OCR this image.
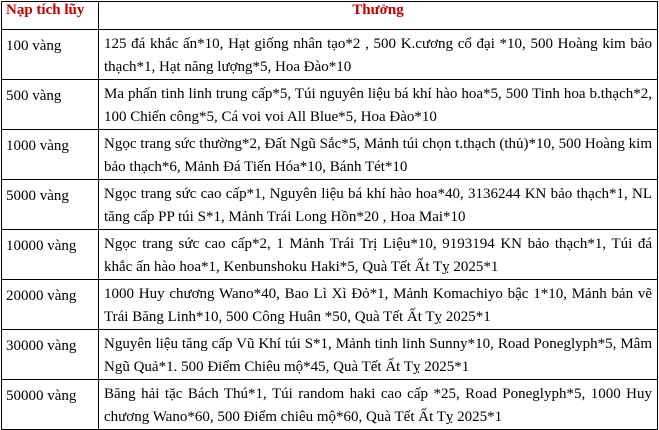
Nạp tích lũy	Thưởng
100 vàng	125 đá khắc ấn*10, Hạt giống nhân tạo*2 , 500 K.cương cổ đại *10, 500 Hoàng kim bảo thạch*1, Hạt năng lượng*5, Hoa Đào*10
500 vàng	Ma phấn tinh linh trung cấp*5, Túi nguyên liệu bá khí hào hoa*5, 500 Tinh hoa b.thạch*2, 100 Chiến công*5, Cá voi voi All Blue*5, Hoa Đào*10
1000 vàng	Ngọc trang sức thường*2, Đất Ngũ Sắc*5, Mảnh túi chọn t.thạch (thủ)*10, 500 Hoàng kim bảo thạch*6, Mảnh Đá Tiến Hóa*10, Bánh Tét*10
5000 vàng	Ngọc trang sức cao cấp*1, Nguyên liệu bá khí hào hoa*40, 3136244 KN bảo thạch*1, NL tăng cấp PP túi S*1, Mảnh Trái Long Hồn*20 , Hoa Mai*10
10000 vàng	Ngọc trang sức cao cấp*2, 1 Mảnh Trái Trị Liệu*10, 9193194 KN bảo thạch*1, Túi đá khắc ấn hào hoa*1, Kenbunshoku Haki*5, Quà Tết Ất Tỵ 2025*1
20000 vàng	1000 Huy chương Wano*40, Bao Lì Xì Đỏ*1, Mảnh Komachiyo bậc 1*10, Mảnh bản vẽ Trái Băng Linh*10, 500 Công Huân *50, Quà Tết Ất Tỵ 2025*1
30000 vàng	Nguyên liệu tăng cấp Vũ Khí túi S*1, Mảnh tinh linh Sunny*10, Road Poneglyph*5, Mâm Ngũ Quả*1. 500 Điểm Chiêu mộ*45, Quà Tết Ất Tỵ 2025*1
50000 vàng	Băng hải tặc Bách Thú*1, Túi random haki cao cấp *25, Road Poneglyph*5, 1000 Huy chương Wano*60, 500 Điểm chiêu mộ*60, Quà Tết Ất Tỵ 2025*1
